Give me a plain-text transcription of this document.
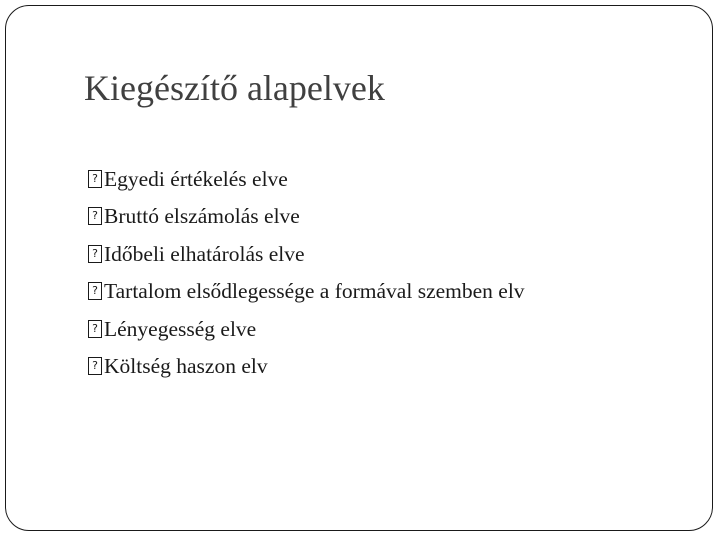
Kiegészítő alapelvek
?
Egyedi értékelés elve
?
Bruttó elszámolás elve
?
Időbeli elhatárolás elve
?
Tartalom elsődlegessége a formával szemben elv
?
Lényegesség elve
?
Költség haszon elv
